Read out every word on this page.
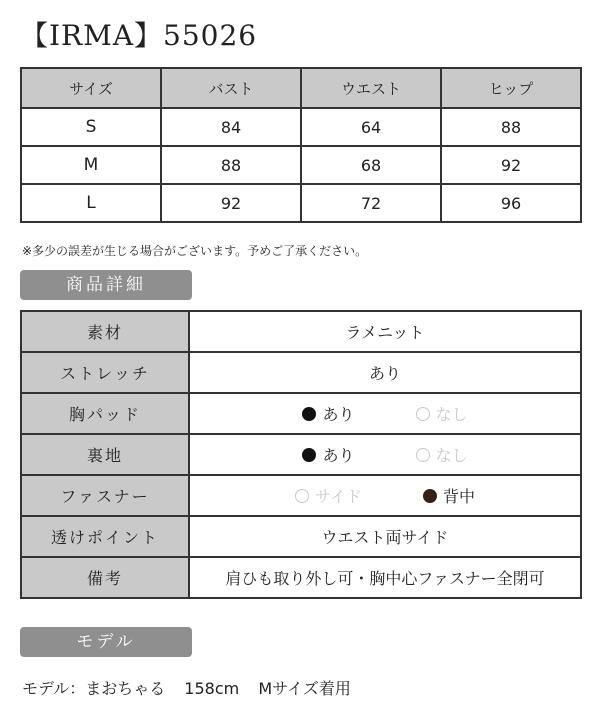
【IRMA】55026
サイズ	バスト	ウエスト	ヒップ
S	84	64	88
M	88	68	92
L	92	72	96
※多少の誤差が生じる場合がございます。予めご了承ください。
商品詳細
素材	ラメニット
ストレッチ	あり
胸パッド	あり なし
裏地	あり なし
ファスナー	サイド 背中
透けポイント	ウエスト両サイド
備考	肩ひも取り外し可・胸中心ファスナー全閉可
モデル
モデル：まおちゃる 158cm Mサイズ着用
